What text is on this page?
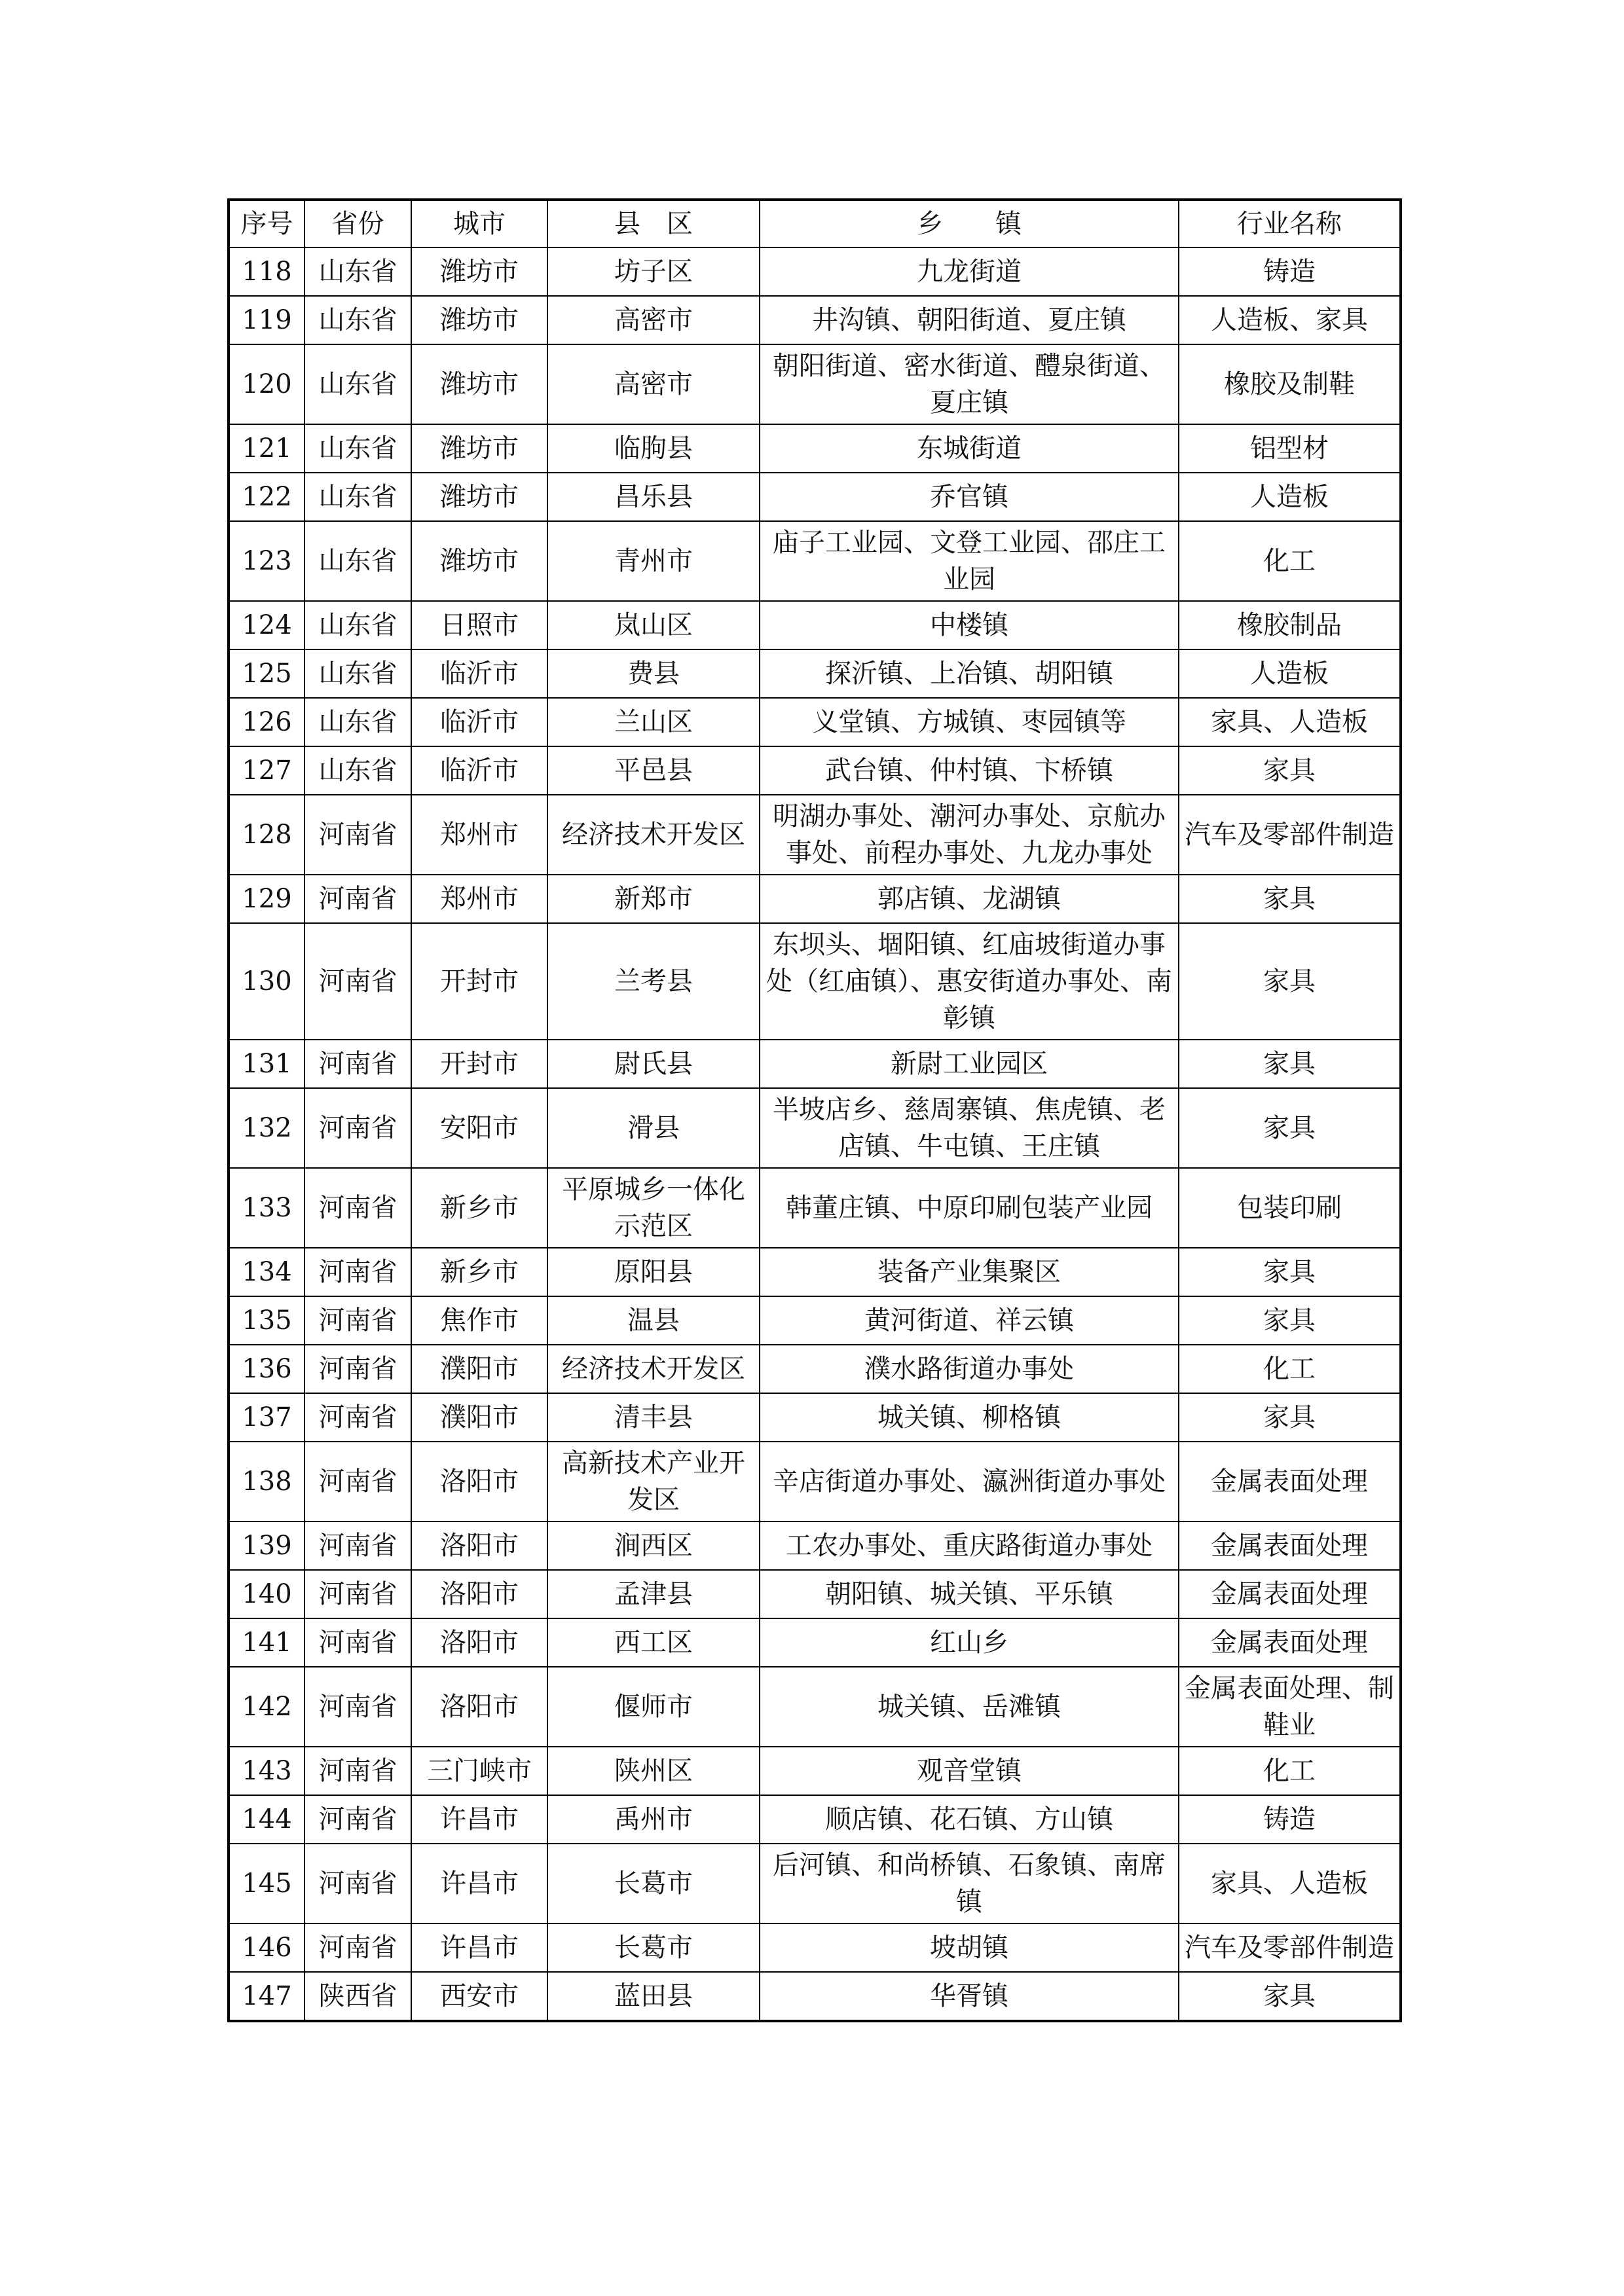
序号	省份	城市	县　区	乡　　镇	行业名称
118	山东省	潍坊市	坊子区	九龙街道	铸造
119	山东省	潍坊市	高密市	井沟镇、朝阳街道、夏庄镇	人造板、家具
120	山东省	潍坊市	高密市	朝阳街道、密水街道、醴泉街道、夏庄镇	橡胶及制鞋
121	山东省	潍坊市	临朐县	东城街道	铝型材
122	山东省	潍坊市	昌乐县	乔官镇	人造板
123	山东省	潍坊市	青州市	庙子工业园、文登工业园、邵庄工业园	化工
124	山东省	日照市	岚山区	中楼镇	橡胶制品
125	山东省	临沂市	费县	探沂镇、上冶镇、胡阳镇	人造板
126	山东省	临沂市	兰山区	义堂镇、方城镇、枣园镇等	家具、人造板
127	山东省	临沂市	平邑县	武台镇、仲村镇、卞桥镇	家具
128	河南省	郑州市	经济技术开发区	明湖办事处、潮河办事处、京航办事处、前程办事处、九龙办事处	汽车及零部件制造
129	河南省	郑州市	新郑市	郭店镇、龙湖镇	家具
130	河南省	开封市	兰考县	东坝头、堌阳镇、红庙坡街道办事处（红庙镇）、惠安街道办事处、南彰镇	家具
131	河南省	开封市	尉氏县	新尉工业园区	家具
132	河南省	安阳市	滑县	半坡店乡、慈周寨镇、焦虎镇、老店镇、牛屯镇、王庄镇	家具
133	河南省	新乡市	平原城乡一体化示范区	韩董庄镇、中原印刷包装产业园	包装印刷
134	河南省	新乡市	原阳县	装备产业集聚区	家具
135	河南省	焦作市	温县	黄河街道、祥云镇	家具
136	河南省	濮阳市	经济技术开发区	濮水路街道办事处	化工
137	河南省	濮阳市	清丰县	城关镇、柳格镇	家具
138	河南省	洛阳市	高新技术产业开发区	辛店街道办事处、瀛洲街道办事处	金属表面处理
139	河南省	洛阳市	涧西区	工农办事处、重庆路街道办事处	金属表面处理
140	河南省	洛阳市	孟津县	朝阳镇、城关镇、平乐镇	金属表面处理
141	河南省	洛阳市	西工区	红山乡	金属表面处理
142	河南省	洛阳市	偃师市	城关镇、岳滩镇	金属表面处理、制鞋业
143	河南省	三门峡市	陕州区	观音堂镇	化工
144	河南省	许昌市	禹州市	顺店镇、花石镇、方山镇	铸造
145	河南省	许昌市	长葛市	后河镇、和尚桥镇、石象镇、南席镇	家具、人造板
146	河南省	许昌市	长葛市	坡胡镇	汽车及零部件制造
147	陕西省	西安市	蓝田县	华胥镇	家具
